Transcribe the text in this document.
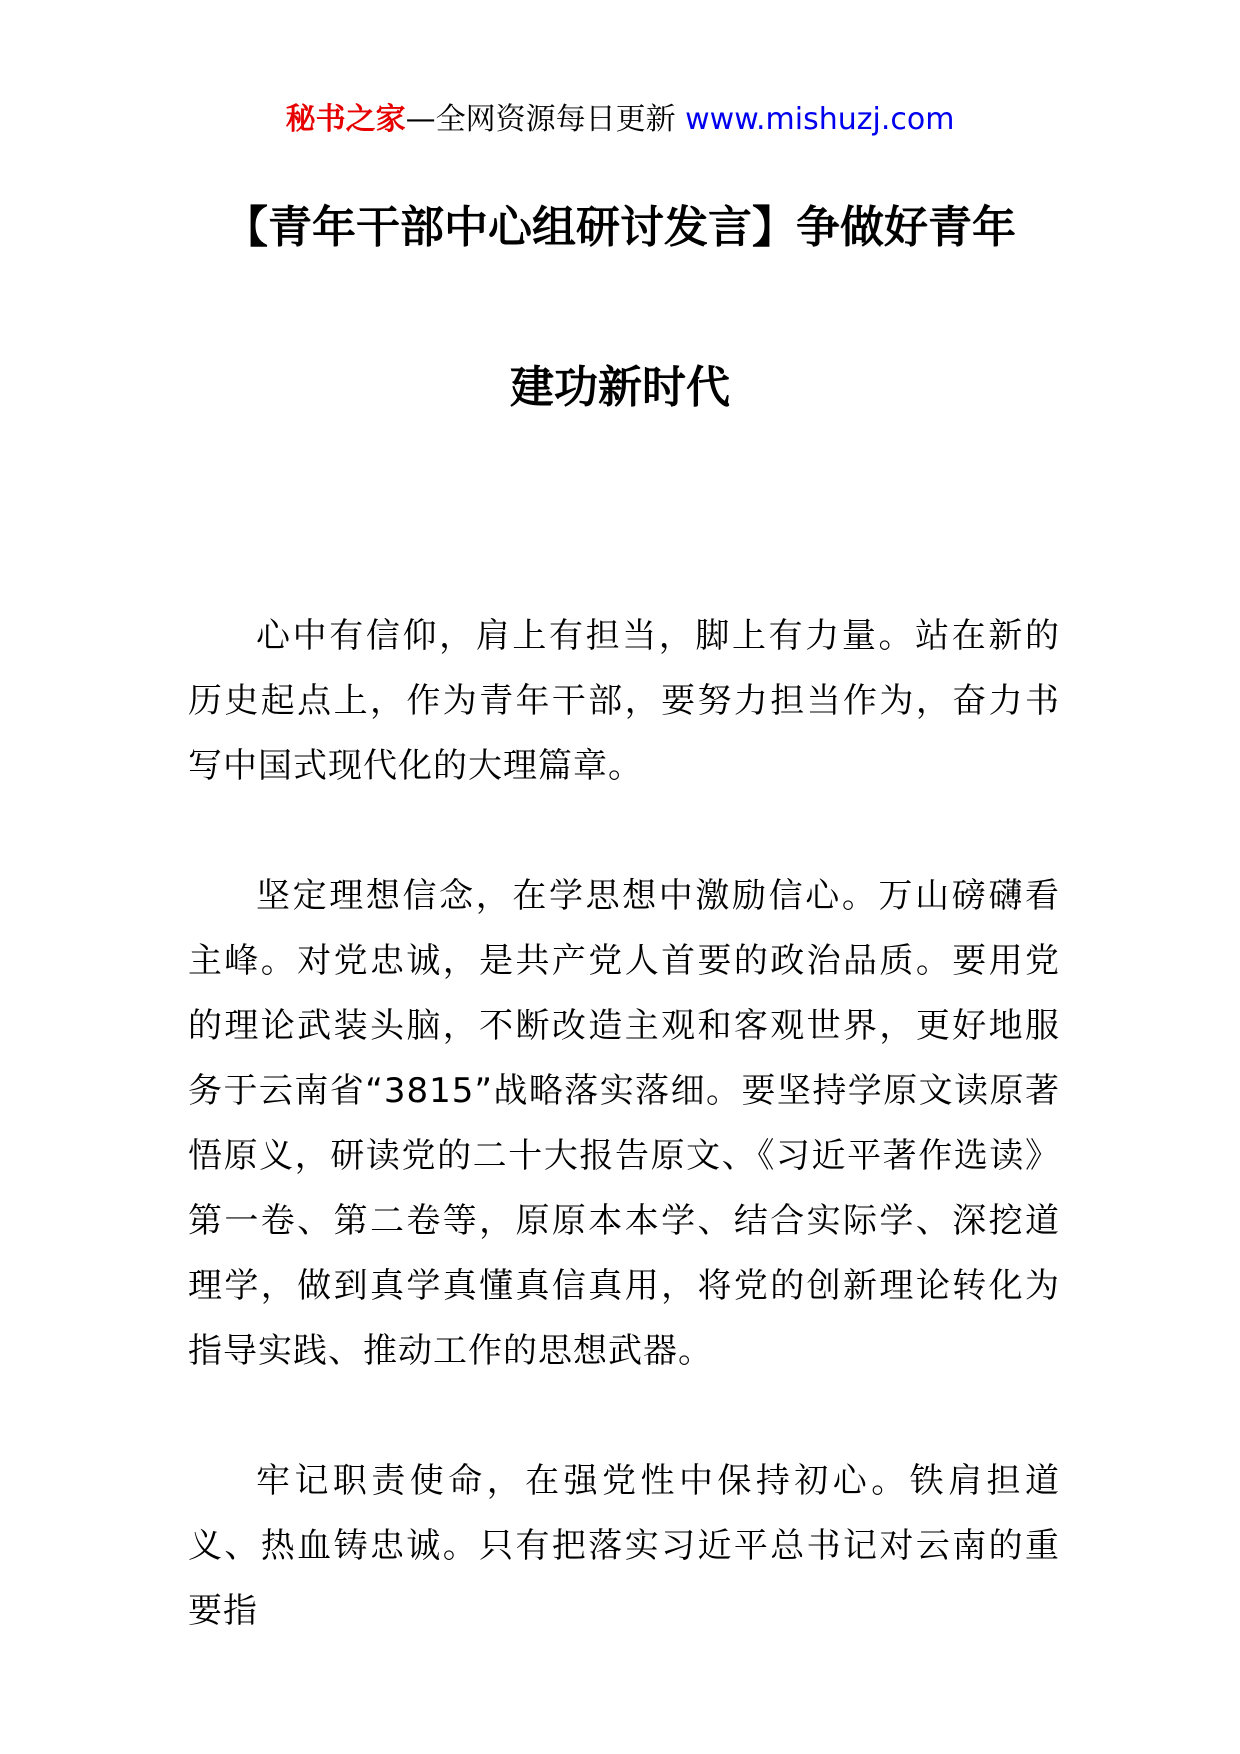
秘书之家—全网资源每日更新 www.mishuzj.com
【青年干部中心组研讨发言】争做好青年
建功新时代

心中有信仰，肩上有担当，脚上有力量。站在新的历史起点上，作为青年干部，要努力担当作为，奋力书写中国式现代化的大理篇章。

坚定理想信念，在学思想中激励信心。万山磅礴看主峰。对党忠诚，是共产党人首要的政治品质。要用党的理论武装头脑，不断改造主观和客观世界，更好地服务于云南省“3815”战略落实落细。要坚持学原文读原著悟原义，研读党的二十大报告原文、《习近平著作选读》第一卷、第二卷等，原原本本学、结合实际学、深挖道理学，做到真学真懂真信真用，将党的创新理论转化为指导实践、推动工作的思想武器。

牢记职责使命，在强党性中保持初心。铁肩担道义、热血铸忠诚。只有把落实习近平总书记对云南的重要指
